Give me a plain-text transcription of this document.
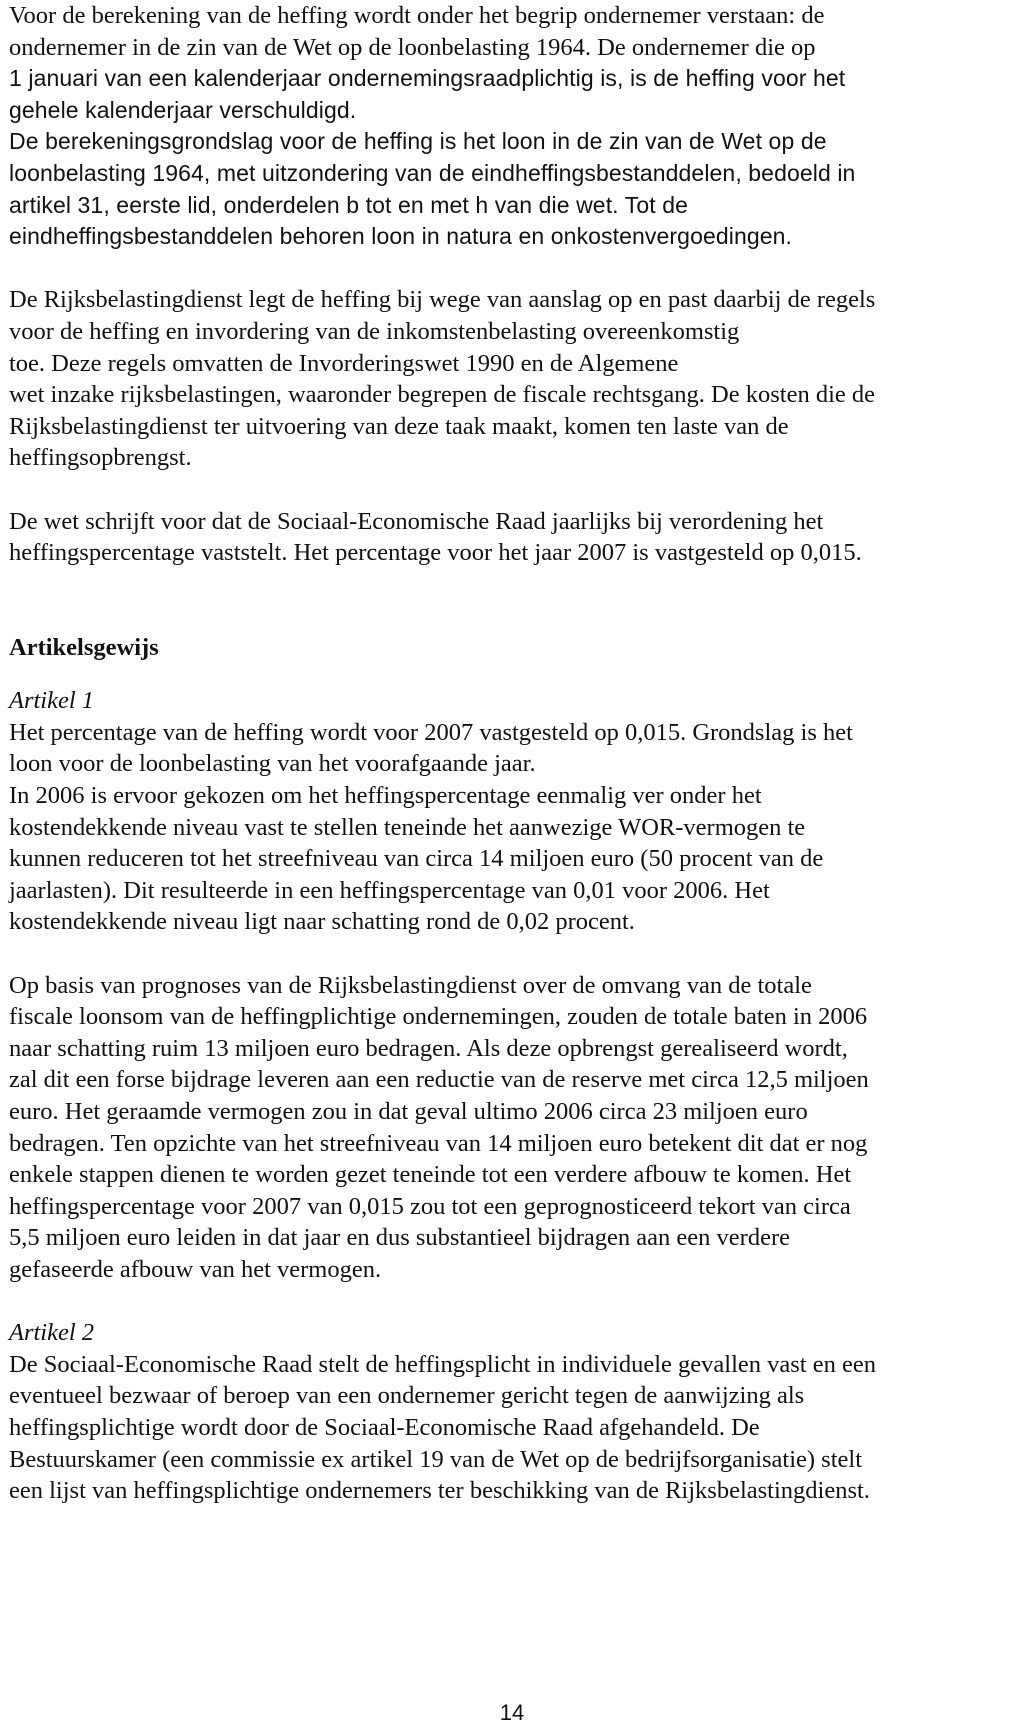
Voor de berekening van de heffing wordt onder het begrip ondernemer verstaan: de
ondernemer in de zin van de Wet op de loonbelasting 1964. De ondernemer die op
1 januari van een kalenderjaar ondernemingsraadplichtig is, is de heffing voor het
gehele kalenderjaar verschuldigd.
De berekeningsgrondslag voor de heffing is het loon in de zin van de Wet op de
loonbelasting 1964, met uitzondering van de eindheffingsbestanddelen, bedoeld in
artikel 31, eerste lid, onderdelen b tot en met h van die wet. Tot de
eindheffingsbestanddelen behoren loon in natura en onkostenvergoedingen.
De Rijksbelastingdienst legt de heffing bij wege van aanslag op en past daarbij de regels
voor de heffing en invordering van de inkomstenbelasting overeenkomstig
toe. Deze regels omvatten de Invorderingswet 1990 en de Algemene
wet inzake rijksbelastingen, waaronder begrepen de fiscale rechtsgang. De kosten die de
Rijksbelastingdienst ter uitvoering van deze taak maakt, komen ten laste van de
heffingsopbrengst.
De wet schrijft voor dat de Sociaal-Economische Raad jaarlijks bij verordening het
heffingspercentage vaststelt. Het percentage voor het jaar 2007 is vastgesteld op 0,015.
Artikelsgewijs
Artikel 1
Het percentage van de heffing wordt voor 2007 vastgesteld op 0,015. Grondslag is het
loon voor de loonbelasting van het voorafgaande jaar.
In 2006 is ervoor gekozen om het heffingspercentage eenmalig ver onder het
kostendekkende niveau vast te stellen teneinde het aanwezige WOR-vermogen te
kunnen reduceren tot het streefniveau van circa 14 miljoen euro (50 procent van de
jaarlasten). Dit resulteerde in een heffingspercentage van 0,01 voor 2006. Het
kostendekkende niveau ligt naar schatting rond de 0,02 procent.
Op basis van prognoses van de Rijksbelastingdienst over de omvang van de totale
fiscale loonsom van de heffingplichtige ondernemingen, zouden de totale baten in 2006
naar schatting ruim 13 miljoen euro bedragen. Als deze opbrengst gerealiseerd wordt,
zal dit een forse bijdrage leveren aan een reductie van de reserve met circa 12,5 miljoen
euro. Het geraamde vermogen zou in dat geval ultimo 2006 circa 23 miljoen euro
bedragen. Ten opzichte van het streefniveau van 14 miljoen euro betekent dit dat er nog
enkele stappen dienen te worden gezet teneinde tot een verdere afbouw te komen. Het
heffingspercentage voor 2007 van 0,015 zou tot een geprognosticeerd tekort van circa
5,5 miljoen euro leiden in dat jaar en dus substantieel bijdragen aan een verdere
gefaseerde afbouw van het vermogen.
Artikel 2
De Sociaal-Economische Raad stelt de heffingsplicht in individuele gevallen vast en een
eventueel bezwaar of beroep van een ondernemer gericht tegen de aanwijzing als
heffingsplichtige wordt door de Sociaal-Economische Raad afgehandeld. De
Bestuurskamer (een commissie ex artikel 19 van de Wet op de bedrijfsorganisatie) stelt
een lijst van heffingsplichtige ondernemers ter beschikking van de Rijksbelastingdienst.
14
